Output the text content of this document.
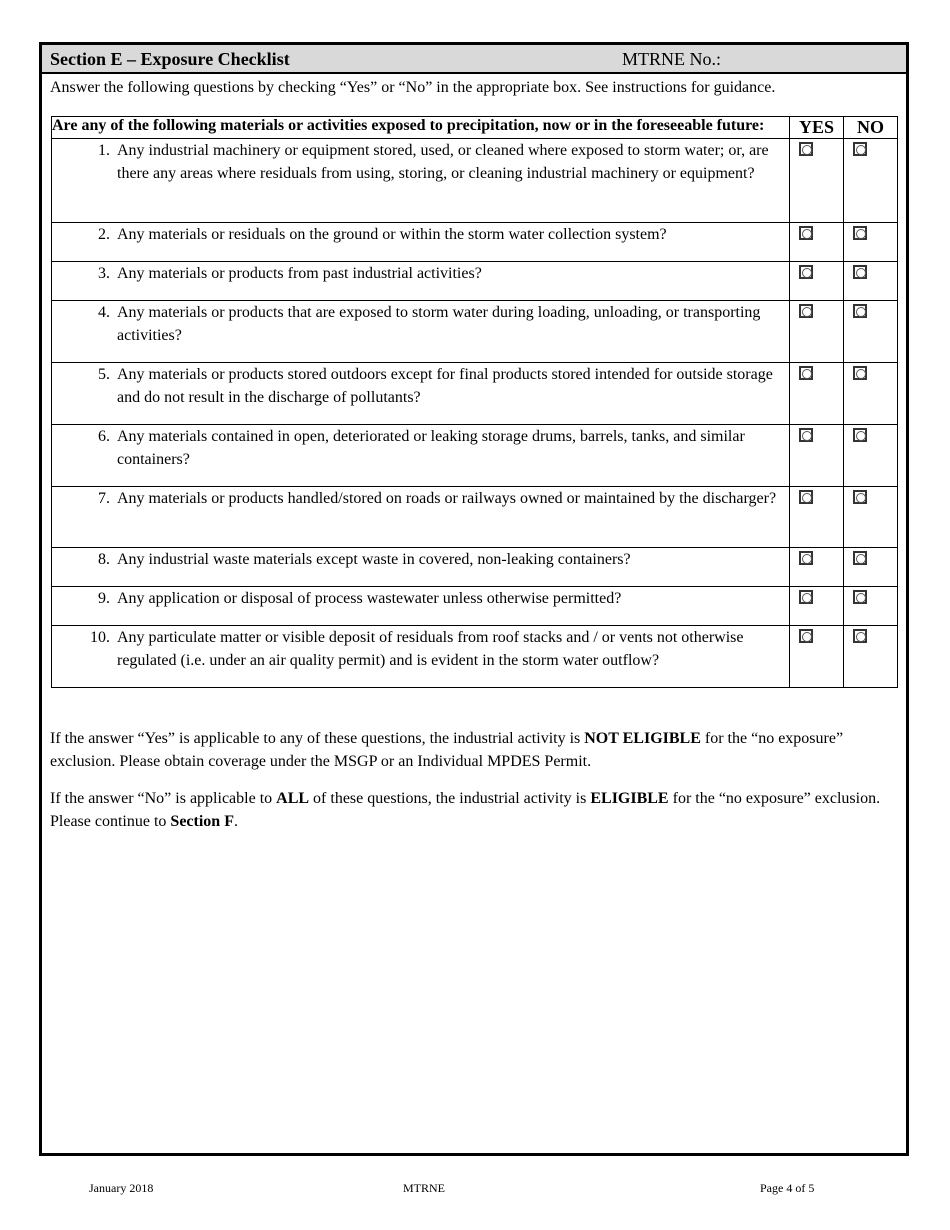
Section E – Exposure Checklist	MTRNE No.:
Answer the following questions by checking “Yes” or “No” in the appropriate box. See instructions for guidance.
Are any of the following materials or activities exposed to precipitation, now or in the foreseeable future:	YES	NO

1. Any industrial machinery or equipment stored, used, or cleaned where exposed to storm water; or, are there any areas where residuals from using, storing, or cleaning industrial machinery or equipment?		

2. Any materials or residuals on the ground or within the storm water collection system?		

3. Any materials or products from past industrial activities?		

4. Any materials or products that are exposed to storm water during loading, unloading, or transporting activities?		

5. Any materials or products stored outdoors except for final products stored intended for outside storage and do not result in the discharge of pollutants?		

6. Any materials contained in open, deteriorated or leaking storage drums, barrels, tanks, and similar containers?		

7. Any materials or products handled/stored on roads or railways owned or maintained by the discharger?		

8. Any industrial waste materials except waste in covered, non-leaking containers?		

9. Any application or disposal of process wastewater unless otherwise permitted?		

10. Any particulate matter or visible deposit of residuals from roof stacks and / or vents not otherwise regulated (i.e. under an air quality permit) and is evident in the storm water outflow?		

If the answer “Yes” is applicable to any of these questions, the industrial activity is NOT ELIGIBLE for the “no exposure” exclusion. Please obtain coverage under the MSGP or an Individual MPDES Permit.
If the answer “No” is applicable to ALL of these questions, the industrial activity is ELIGIBLE for the “no exposure” exclusion. Please continue to Section F.
January 2018	MTRNE	Page 4 of 5
